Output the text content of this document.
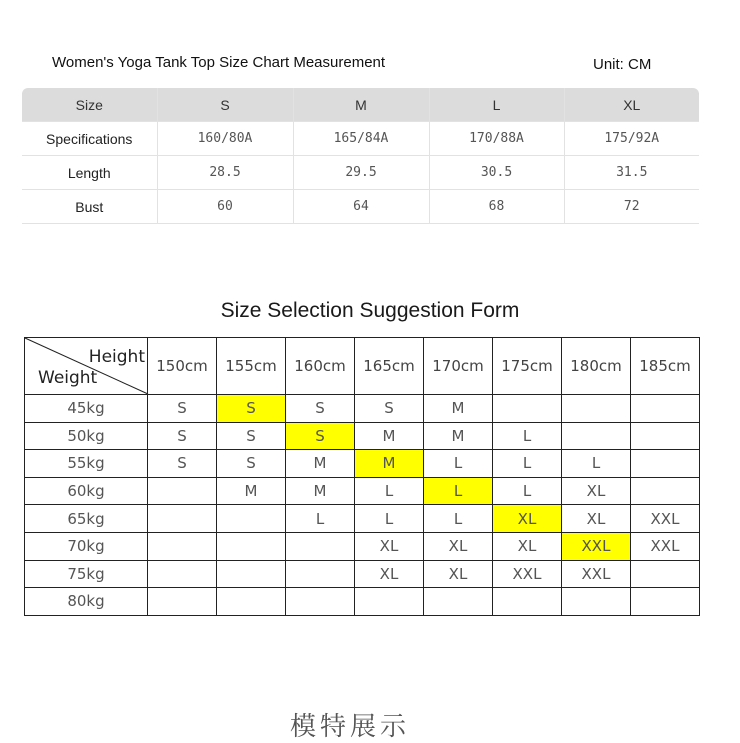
Women's Yoga Tank Top Size Chart Measurement	Unit: CM
Size	S	M	L	XL
Specifications	160/80A	165/84A	170/88A	175/92A
Length	28.5	29.5	30.5	31.5
Bust	60	64	68	72
Size Selection Suggestion Form
Height
Weight	150cm	155cm	160cm	165cm	170cm	175cm	180cm	185cm
45kg	S	S	S	S	M			
50kg	S	S	S	M	M	L		
55kg	S	S	M	M	L	L	L	
60kg		M	M	L	L	L	XL	
65kg			L	L	L	XL	XL	XXL
70kg				XL	XL	XL	XXL	XXL
75kg				XL	XL	XXL	XXL	
80kg								
模特展示
